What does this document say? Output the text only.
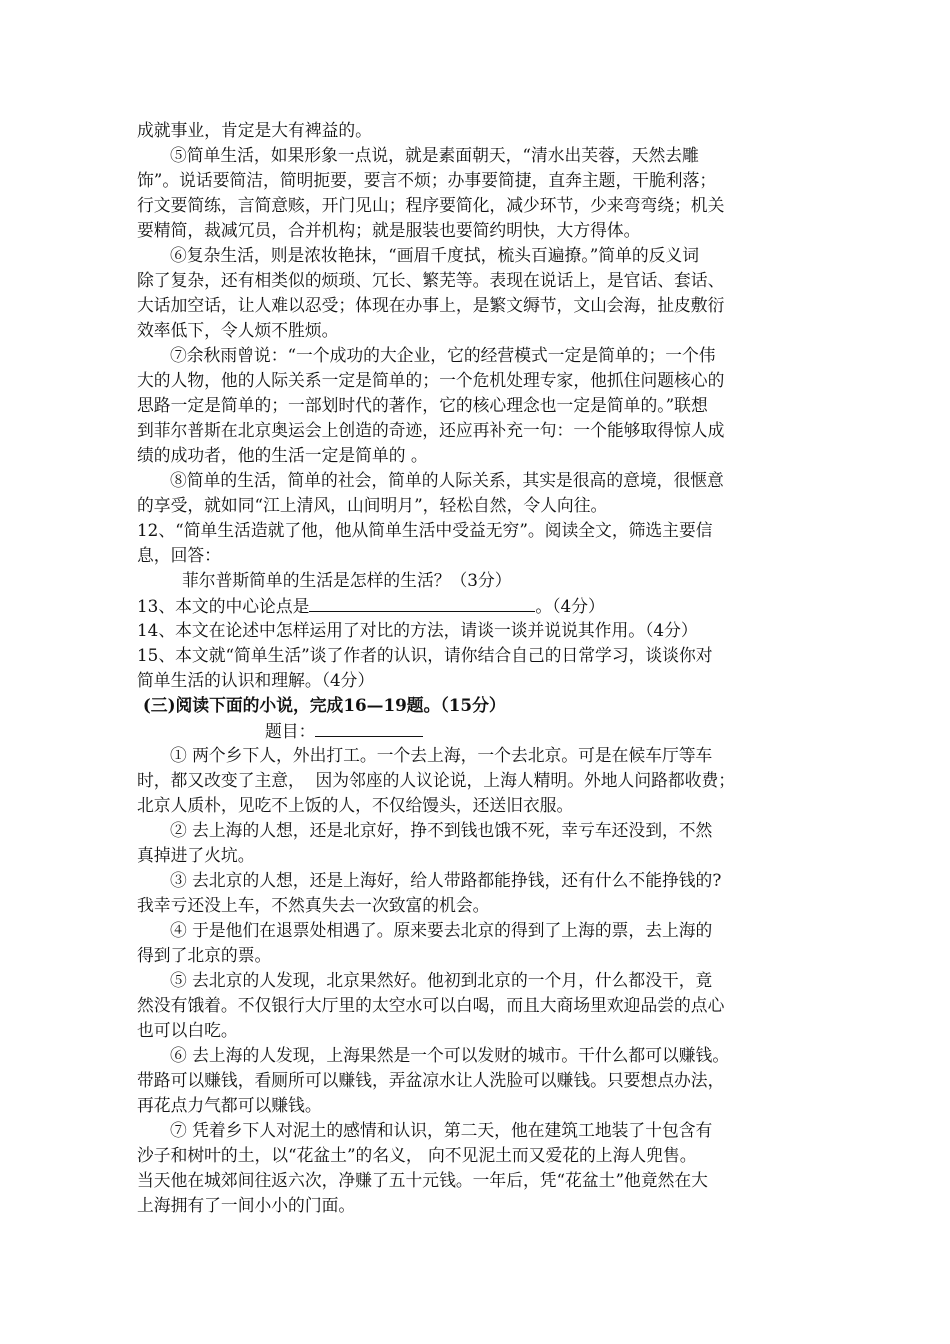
成就事业，肯定是大有裨益的。
⑤简单生活，如果形象一点说，就是素面朝天，“清水出芙蓉，天然去雕
饰”。说话要简洁，简明扼要，要言不烦；办事要简捷，直奔主题，干脆利落；
行文要简练，言简意赅，开门见山；程序要简化，减少环节，少来弯弯绕；机关
要精简，裁减冗员，合并机构；就是服装也要简约明快，大方得体。
⑥复杂生活，则是浓妆艳抹，“画眉千度拭，梳头百遍撩。”简单的反义词
除了复杂，还有相类似的烦琐、冗长、繁芜等。表现在说话上，是官话、套话、
大话加空话，让人难以忍受；体现在办事上，是繁文缛节，文山会海，扯皮敷衍
效率低下，令人烦不胜烦。
⑦余秋雨曾说：“一个成功的大企业，它的经营模式一定是简单的；一个伟
大的人物，他的人际关系一定是简单的；一个危机处理专家，他抓住问题核心的
思路一定是简单的；一部划时代的著作，它的核心理念也一定是简单的。”联想
到菲尔普斯在北京奥运会上创造的奇迹，还应再补充一句：一个能够取得惊人成
绩的成功者，他的生活一定是简单的 。
⑧简单的生活，简单的社会，简单的人际关系，其实是很高的意境，很惬意
的享受，就如同“江上清风，山间明月”，轻松自然，令人向往。
12、“简单生活造就了他，他从简单生活中受益无穷”。阅读全文，筛选主要信
息，回答：
菲尔普斯简单的生活是怎样的生活？（3分）
13、本文的中心论点是	。（4分）
14、本文在论述中怎样运用了对比的方法，请谈一谈并说说其作用。（4分）
15、本文就“简单生活”谈了作者的认识，请你结合自己的日常学习，谈谈你对
简单生活的认识和理解。（4分）
(三)阅读下面的小说，完成16—19题。（15分）
题目：
① 两个乡下人，外出打工。一个去上海，一个去北京。可是在候车厅等车
时，都又改变了主意，  因为邻座的人议论说，上海人精明。外地人问路都收费；
北京人质朴，见吃不上饭的人，不仅给馒头，还送旧衣服。
② 去上海的人想，还是北京好，挣不到钱也饿不死，幸亏车还没到，不然
真掉进了火坑。
③ 去北京的人想，还是上海好，给人带路都能挣钱，还有什么不能挣钱的?
我幸亏还没上车，不然真失去一次致富的机会。
④ 于是他们在退票处相遇了。原来要去北京的得到了上海的票，去上海的
得到了北京的票。
⑤ 去北京的人发现，北京果然好。他初到北京的一个月，什么都没干，竟
然没有饿着。不仅银行大厅里的太空水可以白喝，而且大商场里欢迎品尝的点心
也可以白吃。
⑥ 去上海的人发现，上海果然是一个可以发财的城市。干什么都可以赚钱。
带路可以赚钱，看厕所可以赚钱，弄盆凉水让人洗脸可以赚钱。只要想点办法，
再花点力气都可以赚钱。
⑦ 凭着乡下人对泥土的感情和认识，第二天，他在建筑工地装了十包含有
沙子和树叶的土，以“花盆土”的名义， 向不见泥土而又爱花的上海人兜售。
当天他在城郊间往返六次，净赚了五十元钱。一年后，凭“花盆土”他竟然在大
上海拥有了一间小小的门面。
